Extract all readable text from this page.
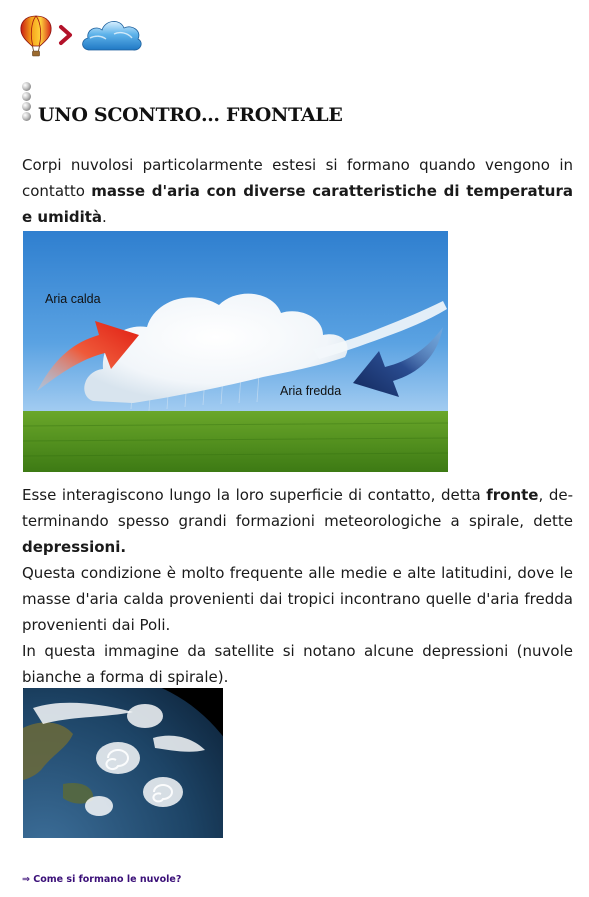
UNO SCONTRO… FRONTALE

Corpi nuvolosi particolarmente estesi si formano quando vengono in contatto masse d'aria con diverse caratteristiche di temperatura e umidità.

Aria calda
Aria fredda

Esse interagiscono lungo la loro superficie di contatto, detta fronte, determinando spesso grandi formazioni meteorologiche a spirale, dette depressioni.
Questa condizione è molto frequente alle medie e alte latitudini, dove le masse d'aria calda provenienti dai tropici incontrano quelle d'aria fredda provenienti dai Poli.
In questa immagine da satellite si notano alcune depressioni (nuvole bianche a forma di spirale).

⇒ Come si formano le nuvole?
